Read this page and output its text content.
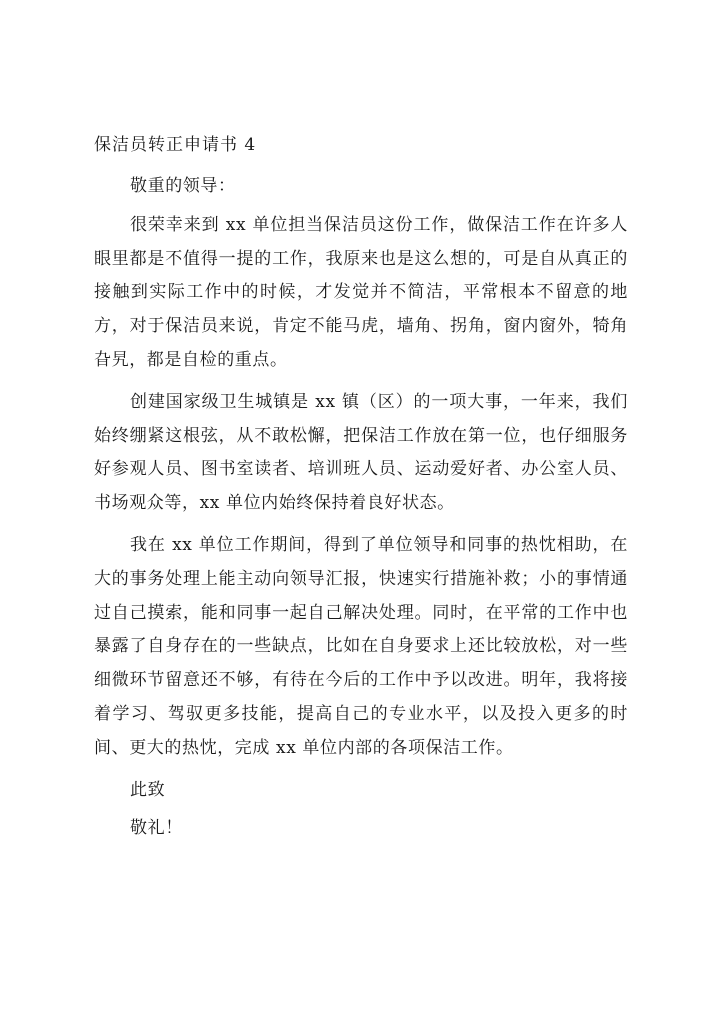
保洁员转正申请书 4

敬重的领导：

很荣幸来到 xx 单位担当保洁员这份工作，做保洁工作在许多人眼里都是不值得一提的工作，我原来也是这么想的，可是自从真正的接触到实际工作中的时候，才发觉并不简洁，平常根本不留意的地方，对于保洁员来说，肯定不能马虎，墙角、拐角，窗内窗外，犄角旮旯，都是自检的重点。

创建国家级卫生城镇是 xx 镇（区）的一项大事，一年来，我们始终绷紧这根弦，从不敢松懈，把保洁工作放在第一位，也仔细服务好参观人员、图书室读者、培训班人员、运动爱好者、办公室人员、书场观众等，xx 单位内始终保持着良好状态。

我在 xx 单位工作期间，得到了单位领导和同事的热忱相助，在大的事务处理上能主动向领导汇报，快速实行措施补救；小的事情通过自己摸索，能和同事一起自己解决处理。同时，在平常的工作中也暴露了自身存在的一些缺点，比如在自身要求上还比较放松，对一些细微环节留意还不够，有待在今后的工作中予以改进。明年，我将接着学习、驾驭更多技能，提高自己的专业水平，以及投入更多的时间、更大的热忱，完成 xx 单位内部的各项保洁工作。

此致

敬礼！
